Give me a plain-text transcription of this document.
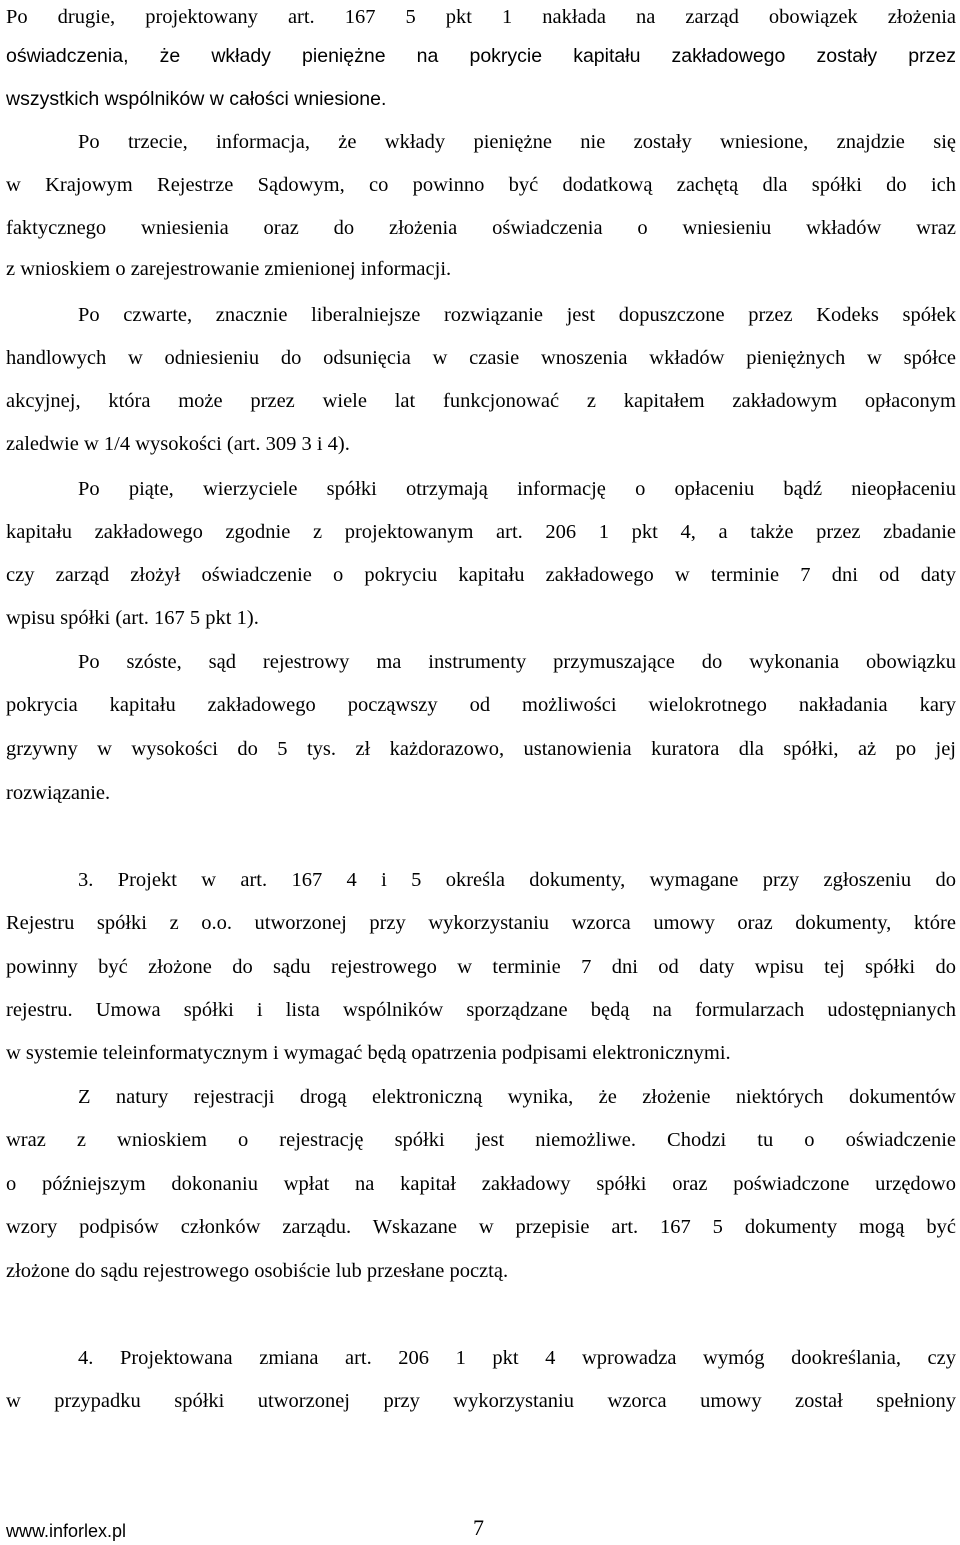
Po drugie, projektowany art. 167 5 pkt 1 nakłada na zarząd obowiązek złożenia
oświadczenia, że wkłady pieniężne na pokrycie kapitału zakładowego zostały przez
wszystkich wspólników w całości wniesione.
Po trzecie, informacja, że wkłady pieniężne nie zostały wniesione, znajdzie się
w Krajowym Rejestrze Sądowym, co powinno być dodatkową zachętą dla spółki do ich
faktycznego wniesienia oraz do złożenia oświadczenia o wniesieniu wkładów wraz
z wnioskiem o zarejestrowanie zmienionej informacji.
Po czwarte, znacznie liberalniejsze rozwiązanie jest dopuszczone przez Kodeks spółek
handlowych w odniesieniu do odsunięcia w czasie wnoszenia wkładów pieniężnych w spółce
akcyjnej, która może przez wiele lat funkcjonować z kapitałem zakładowym opłaconym
zaledwie w 1/4 wysokości (art. 309 3 i 4).
Po piąte, wierzyciele spółki otrzymają informację o opłaceniu bądź nieopłaceniu
kapitału zakładowego zgodnie z projektowanym art. 206 1 pkt 4, a także przez zbadanie
czy zarząd złożył oświadczenie o pokryciu kapitału zakładowego w terminie 7 dni od daty
wpisu spółki (art. 167 5 pkt 1).
Po szóste, sąd rejestrowy ma instrumenty przymuszające do wykonania obowiązku
pokrycia kapitału zakładowego począwszy od możliwości wielokrotnego nakładania kary
grzywny w wysokości do 5 tys. zł każdorazowo, ustanowienia kuratora dla spółki, aż po jej
rozwiązanie.
3. Projekt w art. 167 4 i 5 określa dokumenty, wymagane przy zgłoszeniu do
Rejestru spółki z o.o. utworzonej przy wykorzystaniu wzorca umowy oraz dokumenty, które
powinny być złożone do sądu rejestrowego w terminie 7 dni od daty wpisu tej spółki do
rejestru. Umowa spółki i lista wspólników sporządzane będą na formularzach udostępnianych
w systemie teleinformatycznym i wymagać będą opatrzenia podpisami elektronicznymi.
Z natury rejestracji drogą elektroniczną wynika, że złożenie niektórych dokumentów
wraz z wnioskiem o rejestrację spółki jest niemożliwe. Chodzi tu o oświadczenie
o późniejszym dokonaniu wpłat na kapitał zakładowy spółki oraz poświadczone urzędowo
wzory podpisów członków zarządu. Wskazane w przepisie art. 167 5 dokumenty mogą być
złożone do sądu rejestrowego osobiście lub przesłane pocztą.
4. Projektowana zmiana art. 206 1 pkt 4 wprowadza wymóg dookreślania, czy
w przypadku spółki utworzonej przy wykorzystaniu wzorca umowy został spełniony
www.inforlex.pl	7
